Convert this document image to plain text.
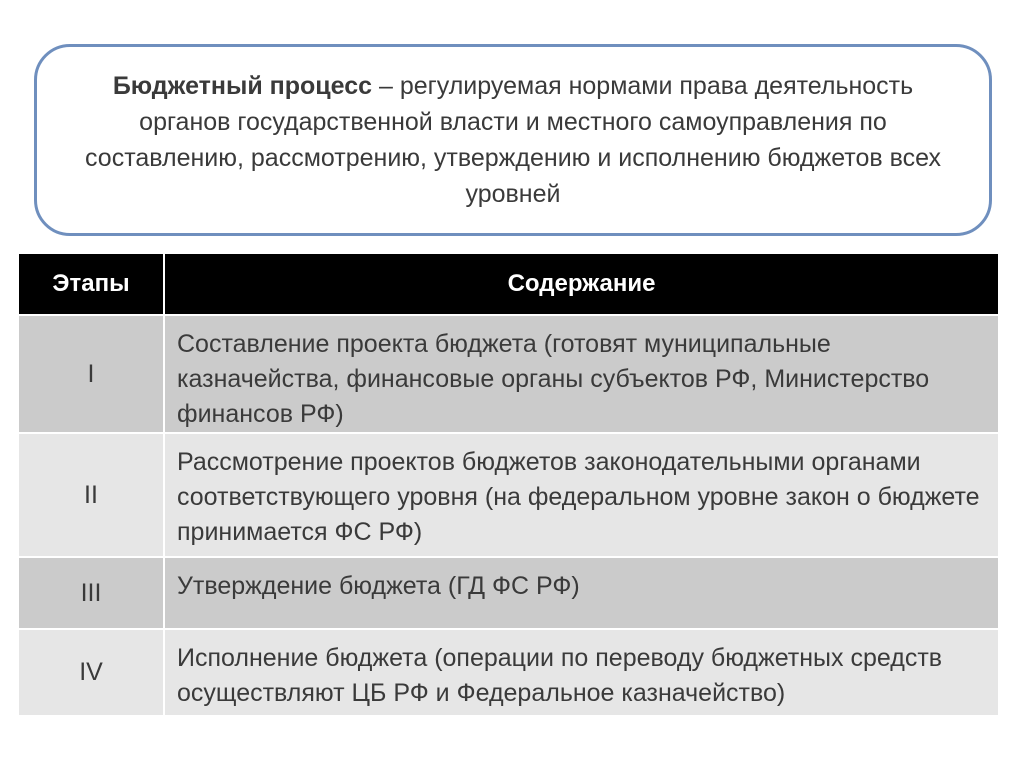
Бюджетный процесс – регулируемая нормами права деятельность органов государственной власти и местного самоуправления по составлению, рассмотрению, утверждению и исполнению бюджетов всех уровней
Этапы	Содержание
I	Составление проекта бюджета (готовят муниципальные казначейства, финансовые органы субъектов РФ, Министерство финансов РФ)
II	Рассмотрение проектов бюджетов законодательными органами соответствующего уровня (на федеральном уровне закон о бюджете принимается ФС РФ)
III	Утверждение бюджета (ГД ФС РФ)
IV	Исполнение бюджета (операции по переводу бюджетных средств осуществляют ЦБ РФ и Федеральное казначейство)
